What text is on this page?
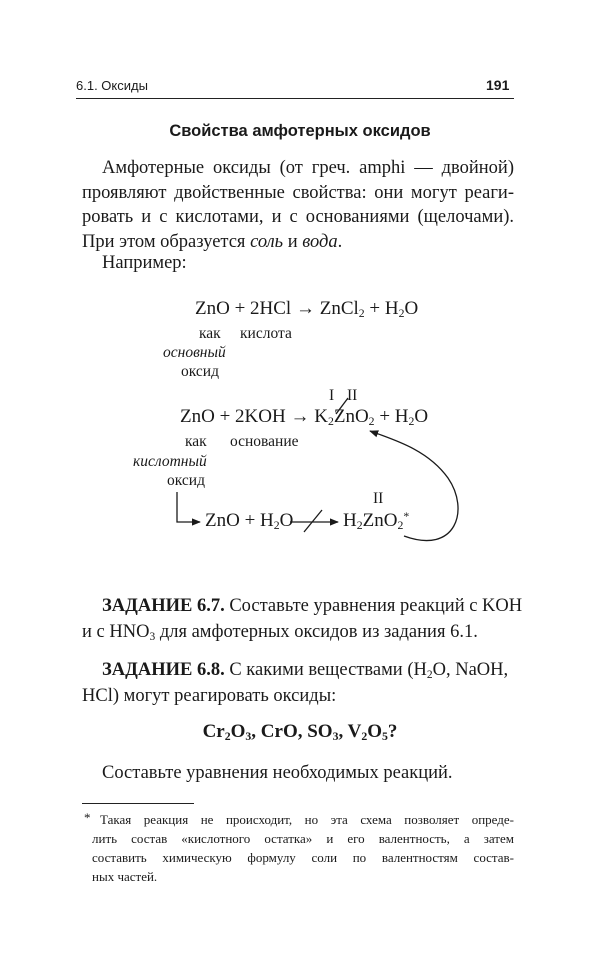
6.1. Оксиды	191
Свойства амфотерных оксидов
Амфотерные оксиды (от греч. amphi — двойной)
проявляют двойственные свойства: они могут реаги-
ровать и с кислотами, и с основаниями (щелочами).
При этом образуется соль и вода.
Например:
ZnO + 2HCl → ZnCl$_2$ + $H_2O$
как кислота
основный
оксид
I II
ZnO + $2KOH \to K_2ZnO_2 + H_2O$
как основание
кислотный
оксид
II
ZnO + $H_2O$	$H_2ZnO_2^*$
ЗАДАНИЕ 6.7. Составьте уравнения реакций с KOH
и с $HNO_3$ для амфотерных оксидов из задания 6.1.
ЗАДАНИЕ 6.8. С какими веществами ($H_2O$, NaOH,
HCl) могут реагировать оксиды:
$Cr_2O_3$, CrO, $SO_3$, $V_2O_5$?
Составьте уравнения необходимых реакций.
* Такая реакция не происходит, но эта схема позволяет опреде-
лить состав «кислотного остатка» и его валентность, а затем
составить химическую формулу соли по валентностям состав-
ных частей.
